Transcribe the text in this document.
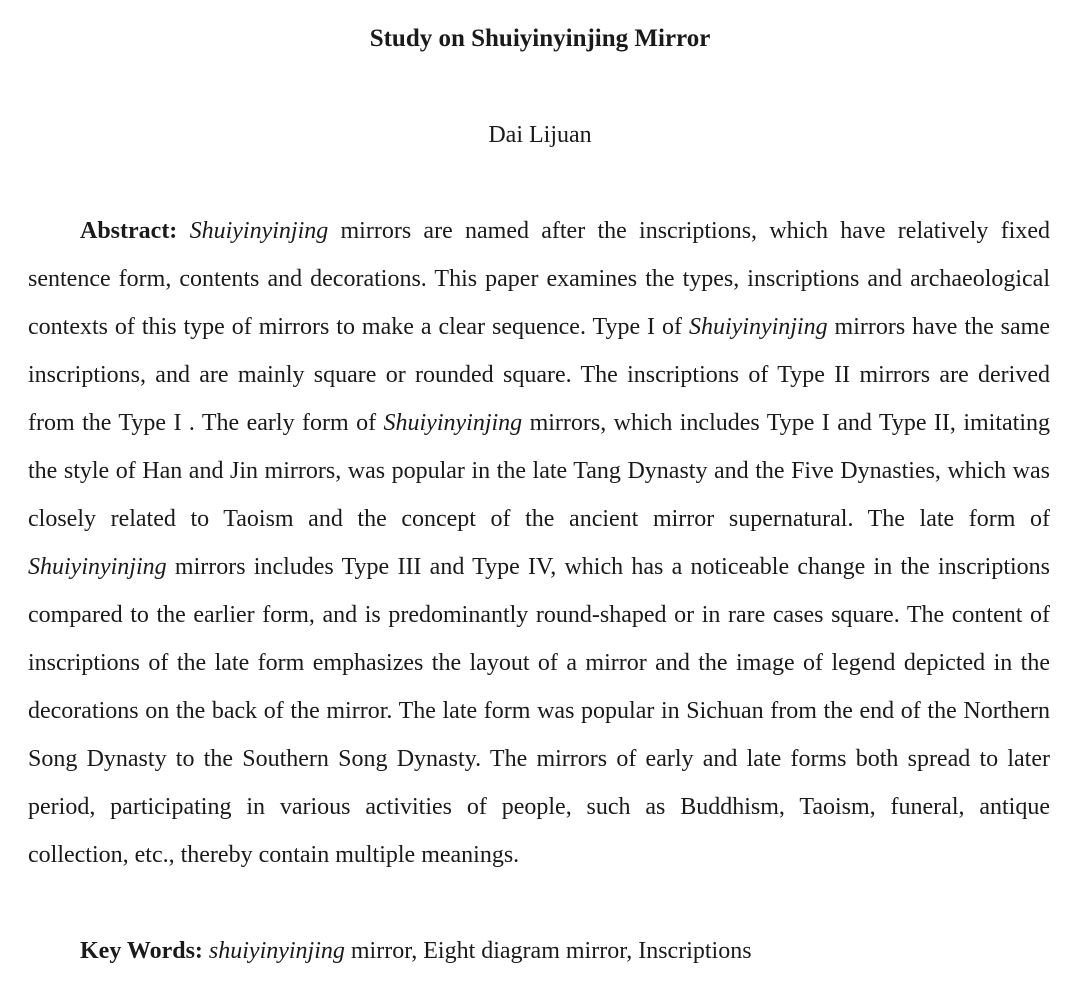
Study on Shuiyinyinjing Mirror

Dai Lijuan

Abstract: Shuiyinyinjing mirrors are named after the inscriptions, which have relatively fixed sentence form, contents and decorations. This paper examines the types, inscriptions and archaeological contexts of this type of mirrors to make a clear sequence. Type I of Shuiyinyinjing mirrors have the same inscriptions, and are mainly square or rounded square. The inscriptions of Type II mirrors are derived from the Type I . The early form of Shuiyinyinjing mirrors, which includes Type I and Type II, imitating the style of Han and Jin mirrors, was popular in the late Tang Dynasty and the Five Dynasties, which was closely related to Taoism and the concept of the ancient mirror supernatural. The late form of Shuiyinyinjing mirrors includes Type III and Type IV, which has a noticeable change in the inscriptions compared to the earlier form, and is predominantly round-shaped or in rare cases square. The content of inscriptions of the late form emphasizes the layout of a mirror and the image of legend depicted in the decorations on the back of the mirror. The late form was popular in Sichuan from the end of the Northern Song Dynasty to the Southern Song Dynasty. The mirrors of early and late forms both spread to later period, participating in various activities of people, such as Buddhism, Taoism, funeral, antique collection, etc., thereby contain multiple meanings.

Key Words: shuiyinyinjing mirror, Eight diagram mirror, Inscriptions
